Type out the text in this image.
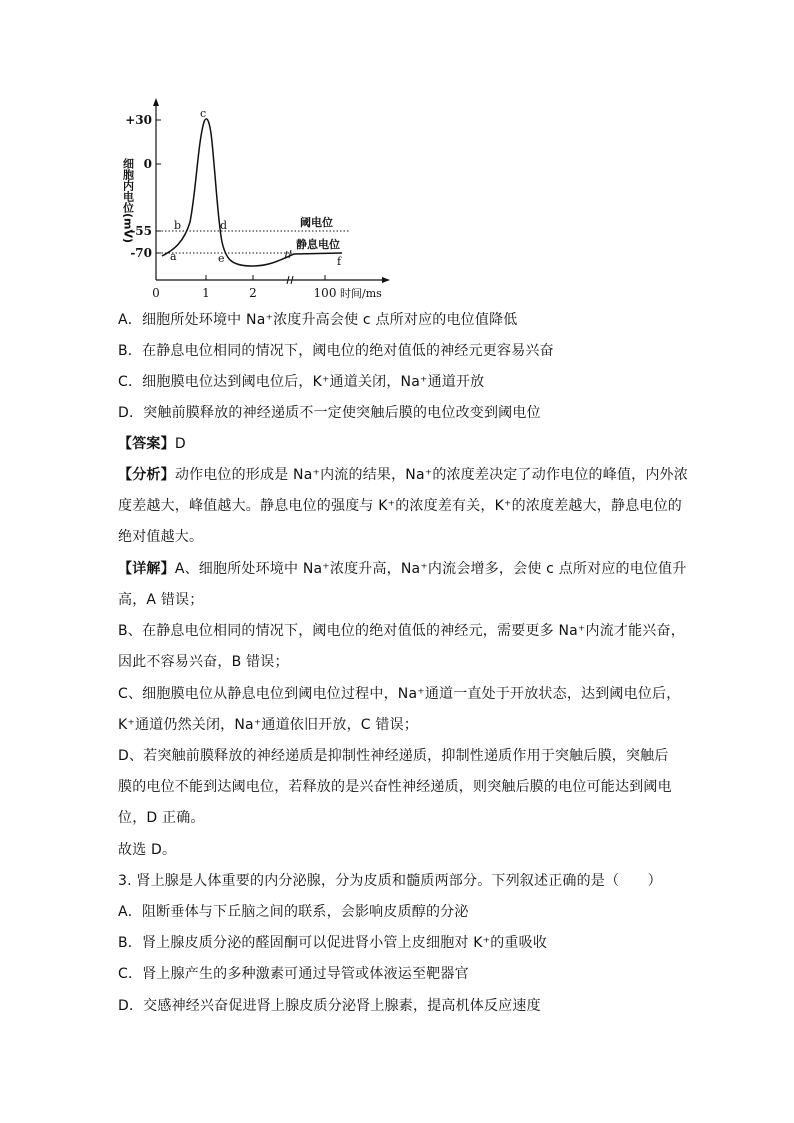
+30
0
-55
-70
0	1	2	100 时间/ms
细胞内电位(mV)
a
b
c
d
e	f
阈电位
静息电位
A．细胞所处环境中 Na⁺浓度升高会使 c 点所对应的电位值降低
B．在静息电位相同的情况下，阈电位的绝对值低的神经元更容易兴奋
C．细胞膜电位达到阈电位后，K⁺通道关闭，Na⁺通道开放
D．突触前膜释放的神经递质不一定使突触后膜的电位改变到阈电位
【答案】D
【分析】动作电位的形成是 Na⁺内流的结果，Na⁺的浓度差决定了动作电位的峰值，内外浓
度差越大，峰值越大。静息电位的强度与 K⁺的浓度差有关，K⁺的浓度差越大，静息电位的
绝对值越大。
【详解】A、细胞所处环境中 Na⁺浓度升高，Na⁺内流会增多，会使 c 点所对应的电位值升
高，A 错误；
B、在静息电位相同的情况下，阈电位的绝对值低的神经元，需要更多 Na⁺内流才能兴奋，
因此不容易兴奋，B 错误；
C、细胞膜电位从静息电位到阈电位过程中，Na⁺通道一直处于开放状态，达到阈电位后，
K⁺通道仍然关闭，Na⁺通道依旧开放，C 错误；
D、若突触前膜释放的神经递质是抑制性神经递质，抑制性递质作用于突触后膜，突触后
膜的电位不能到达阈电位，若释放的是兴奋性神经递质，则突触后膜的电位可能达到阈电
位，D 正确。
故选 D。
3. 肾上腺是人体重要的内分泌腺，分为皮质和髓质两部分。下列叙述正确的是（　　）
A．阻断垂体与下丘脑之间的联系，会影响皮质醇的分泌
B．肾上腺皮质分泌的醛固酮可以促进肾小管上皮细胞对 K⁺的重吸收
C．肾上腺产生的多种激素可通过导管或体液运至靶器官
D．交感神经兴奋促进肾上腺皮质分泌肾上腺素，提高机体反应速度
